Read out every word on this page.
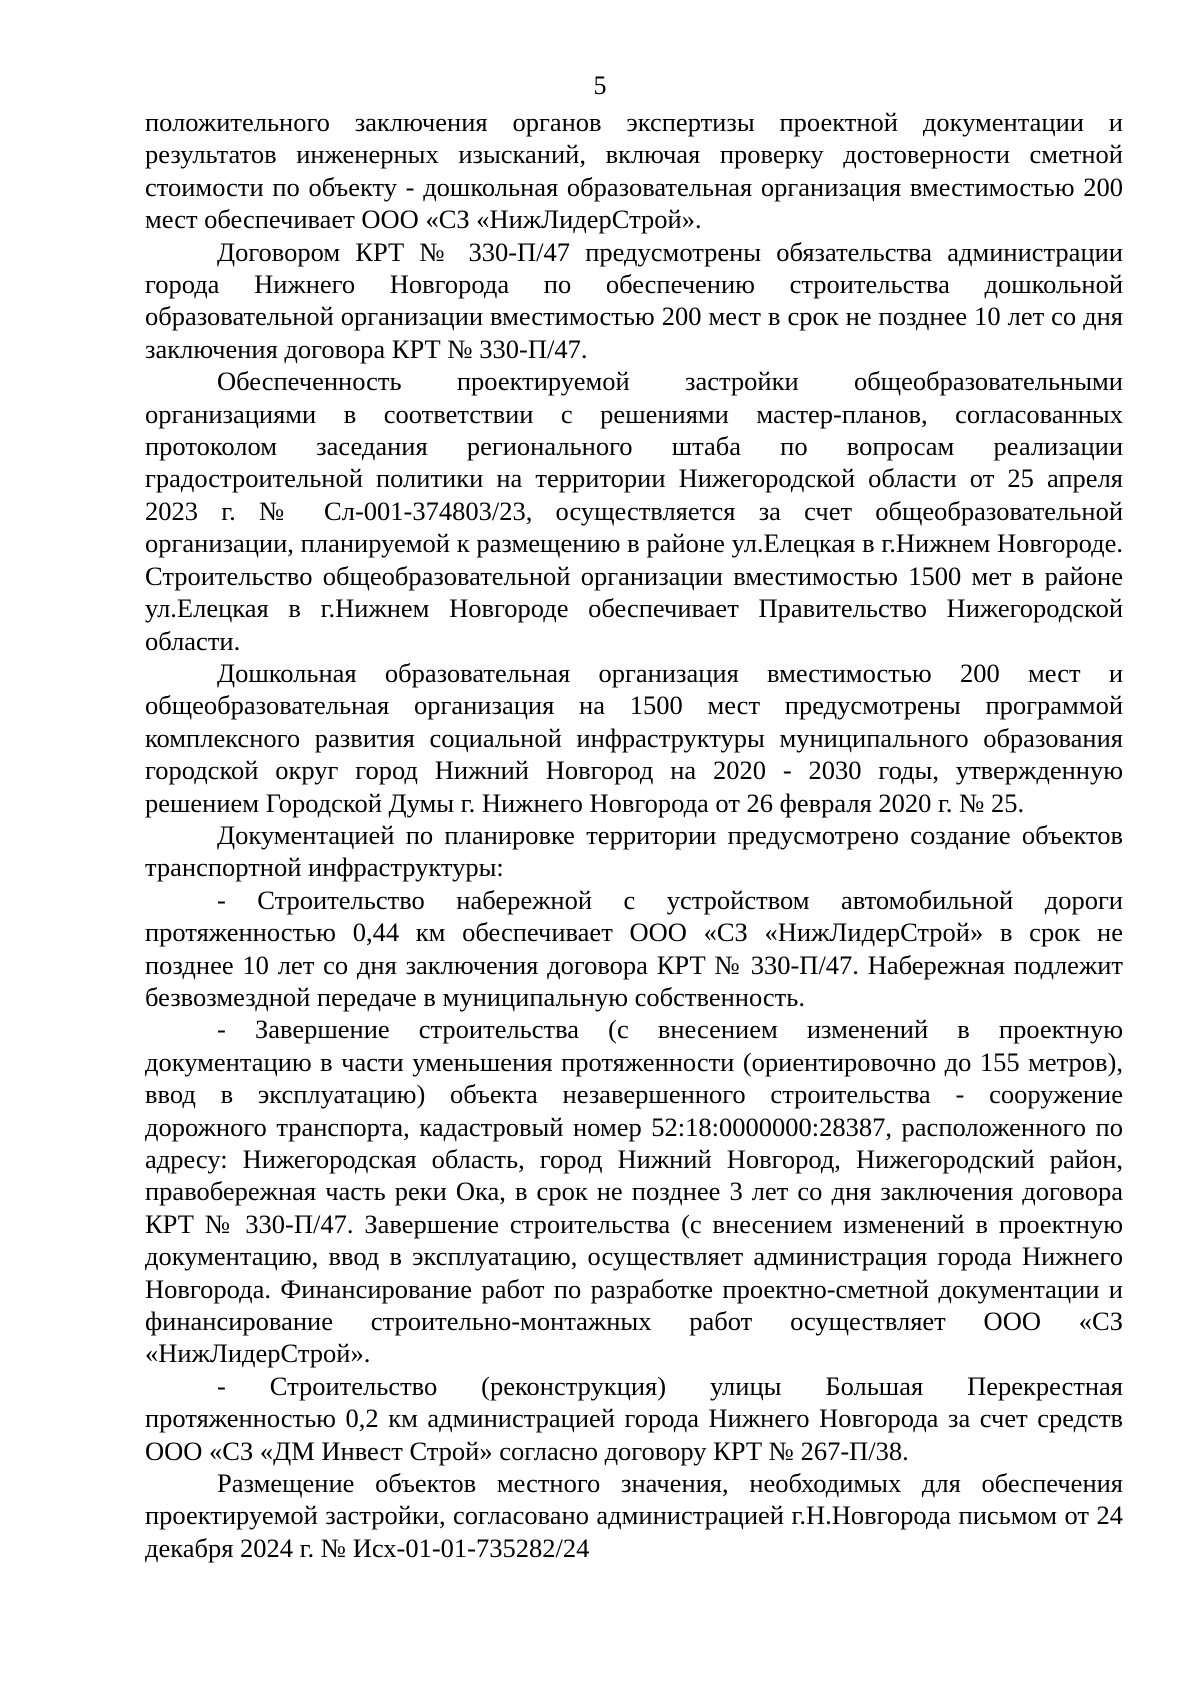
5

положительного заключения органов экспертизы проектной документации и результатов инженерных изысканий, включая проверку достоверности сметной стоимости по объекту - дошкольная образовательная организация вместимостью 200 мест обеспечивает ООО «СЗ «НижЛидерСтрой».

Договором КРТ № 330-П/47 предусмотрены обязательства администрации города Нижнего Новгорода по обеспечению строительства дошкольной образовательной организации вместимостью 200 мест в срок не позднее 10 лет со дня заключения договора КРТ № 330-П/47.

Обеспеченность проектируемой застройки общеобразовательными организациями в соответствии с решениями мастер-планов, согласованных протоколом заседания регионального штаба по вопросам реализации градостроительной политики на территории Нижегородской области от 25 апреля 2023 г. № Сл-001-374803/23, осуществляется за счет общеобразовательной организации, планируемой к размещению в районе ул.Елецкая в г.Нижнем Новгороде. Строительство общеобразовательной организации вместимостью 1500 мет в районе ул.Елецкая в г.Нижнем Новгороде обеспечивает Правительство Нижегородской области.

Дошкольная образовательная организация вместимостью 200 мест и общеобразовательная организация на 1500 мест предусмотрены программой комплексного развития социальной инфраструктуры муниципального образования городской округ город Нижний Новгород на 2020 - 2030 годы, утвержденную решением Городской Думы г. Нижнего Новгорода от 26 февраля 2020 г. № 25.

Документацией по планировке территории предусмотрено создание объектов транспортной инфраструктуры:

- Строительство набережной с устройством автомобильной дороги протяженностью 0,44 км обеспечивает ООО «СЗ «НижЛидерСтрой» в срок не позднее 10 лет со дня заключения договора КРТ № 330-П/47. Набережная подлежит безвозмездной передаче в муниципальную собственность.

- Завершение строительства (с внесением изменений в проектную документацию в части уменьшения протяженности (ориентировочно до 155 метров), ввод в эксплуатацию) объекта незавершенного строительства - сооружение дорожного транспорта, кадастровый номер 52:18:0000000:28387, расположенного по адресу: Нижегородская область, город Нижний Новгород, Нижегородский район, правобережная часть реки Ока, в срок не позднее 3 лет со дня заключения договора КРТ № 330-П/47. Завершение строительства (с внесением изменений в проектную документацию, ввод в эксплуатацию, осуществляет администрация города Нижнего Новгорода. Финансирование работ по разработке проектно-сметной документации и финансирование строительно-монтажных работ осуществляет ООО «СЗ «НижЛидерСтрой».

- Строительство (реконструкция) улицы Большая Перекрестная протяженностью 0,2 км администрацией города Нижнего Новгорода за счет средств ООО «СЗ «ДМ Инвест Строй» согласно договору КРТ № 267-П/38.

Размещение объектов местного значения, необходимых для обеспечения проектируемой застройки, согласовано администрацией г.Н.Новгорода письмом от 24 декабря 2024 г. № Исх-01-01-735282/24
